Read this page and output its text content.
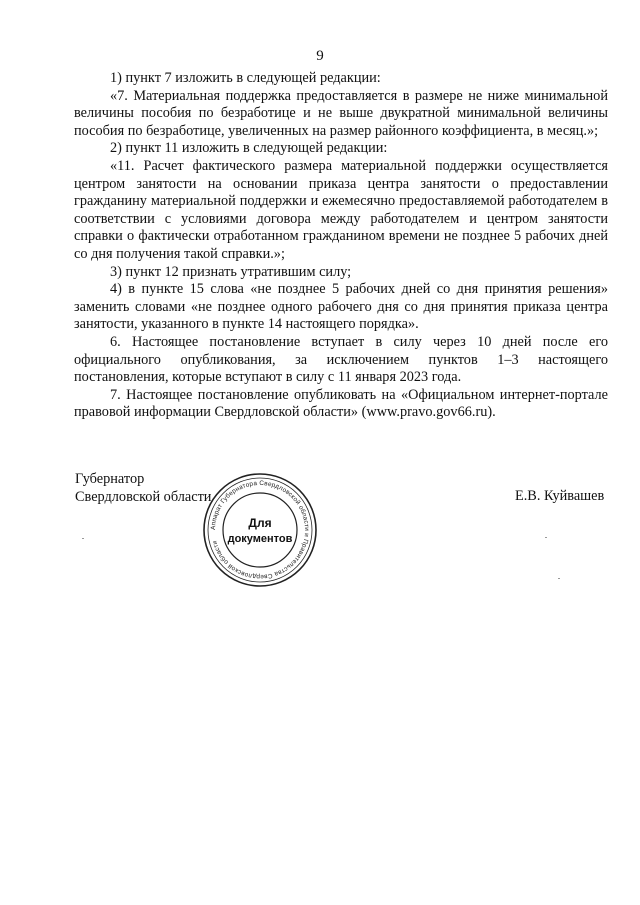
9

1) пункт 7 изложить в следующей редакции:

«7. Материальная поддержка предоставляется в размере не ниже минимальной величины пособия по безработице и не выше двукратной минимальной величины пособия по безработице, увеличенных на размер районного коэффициента, в месяц.»;

2) пункт 11 изложить в следующей редакции:

«11. Расчет фактического размера материальной поддержки осуществляется центром занятости на основании приказа центра занятости о предоставлении гражданину материальной поддержки и ежемесячно предоставляемой работодателем в соответствии с условиями договора между работодателем и центром занятости справки о фактически отработанном гражданином времени не позднее 5 рабочих дней со дня получения такой справки.»;

3) пункт 12 признать утратившим силу;

4) в пункте 15 слова «не позднее 5 рабочих дней со дня принятия решения» заменить словами «не позднее одного рабочего дня со дня принятия приказа центра занятости, указанного в пункте 14 настоящего порядка».

6. Настоящее постановление вступает в силу через 10 дней после его официального опубликования, за исключением пунктов 1–3 настоящего постановления, которые вступают в силу с 11 января 2023 года.

7. Настоящее постановление опубликовать на «Официальном интернет-портале правовой информации Свердловской области» (www.pravo.gov66.ru).

Губернатор
Свердловской области
Аппарат Губернатора Свердловской области и Правительства Свердловской области
Для
документов
Е.В. Куйвашев
